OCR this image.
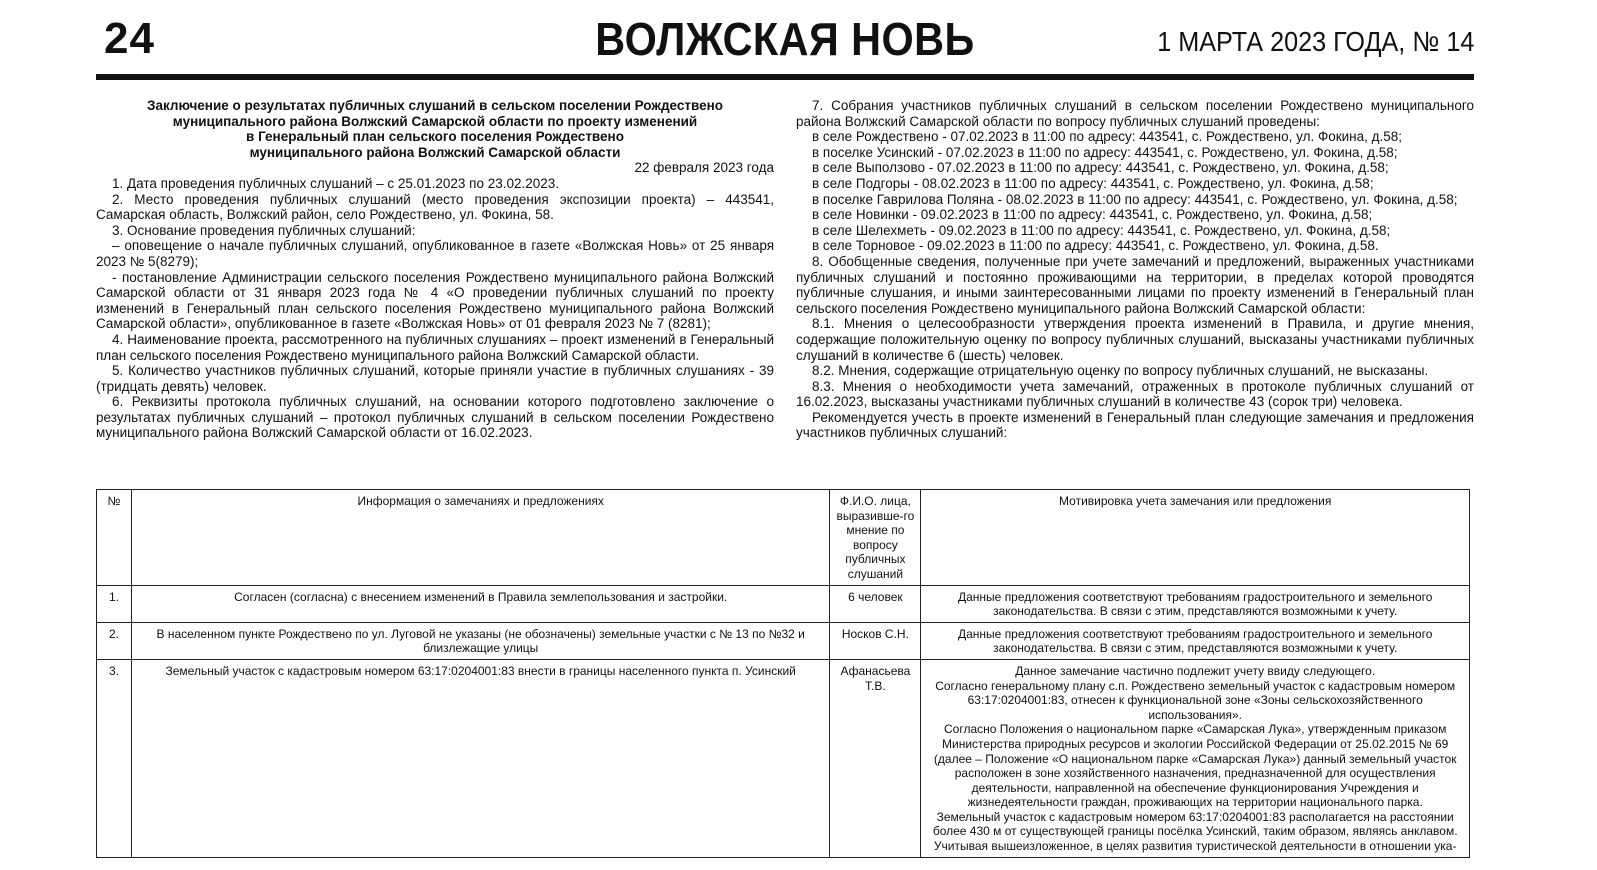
24	ВОЛЖСКАЯ НОВЬ	1 МАРТА 2023 ГОДА, № 14
Заключение о результатах публичных слушаний в сельском поселении Рождествено
муниципального района Волжский Самарской области по проекту изменений
в Генеральный план сельского поселения Рождествено
муниципального района Волжский Самарской области
22 февраля 2023 года

1. Дата проведения публичных слушаний – с 25.01.2023 по 23.02.2023.

2. Место проведения публичных слушаний (место проведения экспозиции проекта) – 443541, Самарская область, Волжский район, село Рождествено, ул. Фокина, 58.

3. Основание проведения публичных слушаний:

– оповещение о начале публичных слушаний, опубликованное в газете «Волжская Новь» от 25 января 2023 № 5(8279);

- постановление Администрации сельского поселения Рождествено муниципального района Волжский Самарской области от 31 января 2023 года № 4 «О проведении публичных слушаний по проекту изменений в Генеральный план сельского поселения Рождествено муниципального района Волжский Самарской области», опубликованное в газете «Волжская Новь» от 01 февраля 2023 № 7 (8281);

4. Наименование проекта, рассмотренного на публичных слушаниях – проект изменений в Генеральный план сельского поселения Рождествено муниципального района Волжский Самарской области.

5. Количество участников публичных слушаний, которые приняли участие в публичных слушаниях - 39 (тридцать девять) человек.

6. Реквизиты протокола публичных слушаний, на основании которого подготовлено заключение о результатах публичных слушаний – протокол публичных слушаний в сельском поселении Рождествено муниципального района Волжский Самарской области от 16.02.2023.

7. Собрания участников публичных слушаний в сельском поселении Рождествено муниципального района Волжский Самарской области по вопросу публичных слушаний проведены:

в селе Рождествено - 07.02.2023 в 11:00 по адресу: 443541, с. Рождествено, ул. Фокина, д.58;

в поселке Усинский - 07.02.2023 в 11:00 по адресу: 443541, с. Рождествено, ул. Фокина, д.58;

в селе Выползово - 07.02.2023 в 11:00 по адресу: 443541, с. Рождествено, ул. Фокина, д.58;

в селе Подгоры - 08.02.2023 в 11:00 по адресу: 443541, с. Рождествено, ул. Фокина, д.58;

в поселке Гаврилова Поляна - 08.02.2023 в 11:00 по адресу: 443541, с. Рождествено, ул. Фокина, д.58;

в селе Новинки - 09.02.2023 в 11:00 по адресу: 443541, с. Рождествено, ул. Фокина, д.58;

в селе Шелехметь - 09.02.2023 в 11:00 по адресу: 443541, с. Рождествено, ул. Фокина, д.58;

в селе Торновое - 09.02.2023 в 11:00 по адресу: 443541, с. Рождествено, ул. Фокина, д.58.

8. Обобщенные сведения, полученные при учете замечаний и предложений, выраженных участниками публичных слушаний и постоянно проживающими на территории, в пределах которой проводятся публичные слушания, и иными заинтересованными лицами по проекту изменений в Генеральный план сельского поселения Рождествено муниципального района Волжский Самарской области:

8.1. Мнения о целесообразности утверждения проекта изменений в Правила, и другие мнения, содержащие положительную оценку по вопросу публичных слушаний, высказаны участниками публичных слушаний в количестве 6 (шесть) человек.

8.2. Мнения, содержащие отрицательную оценку по вопросу публичных слушаний, не высказаны.

8.3. Мнения о необходимости учета замечаний, отраженных в протоколе публичных слушаний от 16.02.2023, высказаны участниками публичных слушаний в количестве 43 (сорок три) человека.

Рекомендуется учесть в проекте изменений в Генеральный план следующие замечания и предложения участников публичных слушаний:

№	Информация о замечаниях и предложениях	Ф.И.О. лица, выразивше-го мнение по вопросу публичных слушаний	Мотивировка учета замечания или предложения
1.	Согласен (согласна) с внесением изменений в Правила землепользования и застройки.	6 человек	Данные предложения соответствуют требованиям градостроительного и земельного законодательства. В связи с этим, представляются возможными к учету.

2.	В населенном пункте Рождествено по ул. Луговой не указаны (не обозначены) земельные участки с № 13 по №32 и близлежащие улицы	Носков С.Н.	Данные предложения соответствуют требованиям градостроительного и земельного законодательства. В связи с этим, представляются возможными к учету.

3.	Земельный участок с кадастровым номером 63:17:0204001:83 внести в границы населенного пункта п. Усинский	Афанасьева Т.В.	Данное замечание частично подлежит учету ввиду следующего.
Согласно генеральному плану с.п. Рождествено земельный участок с кадастровым номером 63:17:0204001:83, отнесен к функциональной зоне «Зоны сельскохозяйственного использования».
Согласно Положения о национальном парке «Самарская Лука», утвержденным приказом Министерства природных ресурсов и экологии Российской Федерации от 25.02.2015 № 69 (далее – Положение «О национальном парке «Самарская Лука») данный земельный участок расположен в зоне хозяйственного назначения, предназначенной для осуществления деятельности, направленной на обеспечение функционирования Учреждения и жизнедеятельности граждан, проживающих на территории национального парка.
Земельный участок с кадастровым номером 63:17:0204001:83 располагается на расстоянии более 430 м от существующей границы посёлка Усинский, таким образом, являясь анклавом.
Учитывая вышеизложенное, в целях развития туристической деятельности в отношении ука-
